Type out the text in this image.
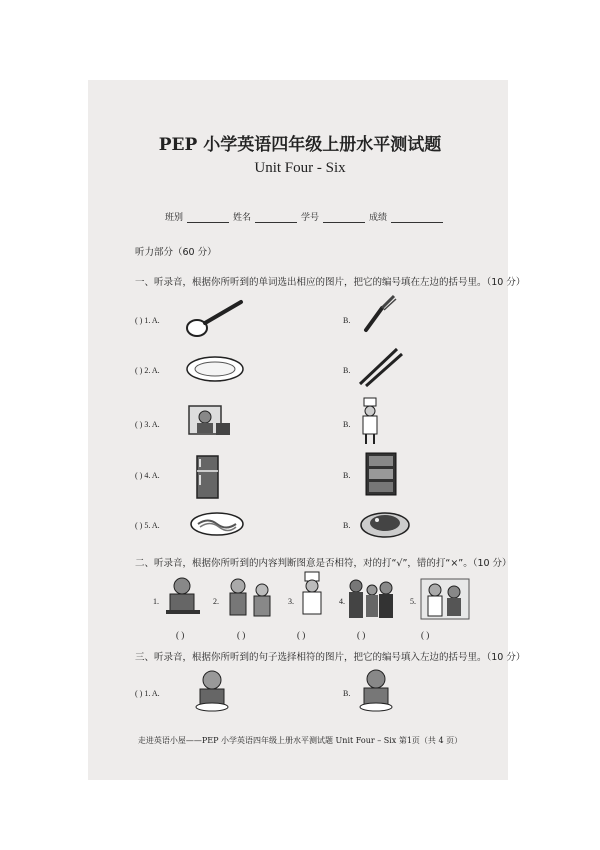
PEP 小学英语四年级上册水平测试题
Unit Four - Six
班别	姓名	学号	成绩
听力部分（60 分）
一、听录音，根据你所听到的单词选出相应的图片，把它的编号填在左边的括号里。（10 分）
( ) 1. A.	B.
( ) 2. A.	B.
( ) 3. A.	B.
( ) 4. A.	B.
( ) 5. A.	B.
二、听录音，根据你所听到的内容判断图意是否相符，对的打“√”，错的打“×”。（10 分）
1.	2.	3.	4.	5.
( )	( )	( )	( )	( )
三、听录音，根据你所听到的句子选择相符的图片，把它的编号填入左边的括号里。（10 分）
( ) 1. A.	B.
走进英语小屋——PEP 小学英语四年级上册水平测试题 Unit Four – Six 第1页（共 4 页）
